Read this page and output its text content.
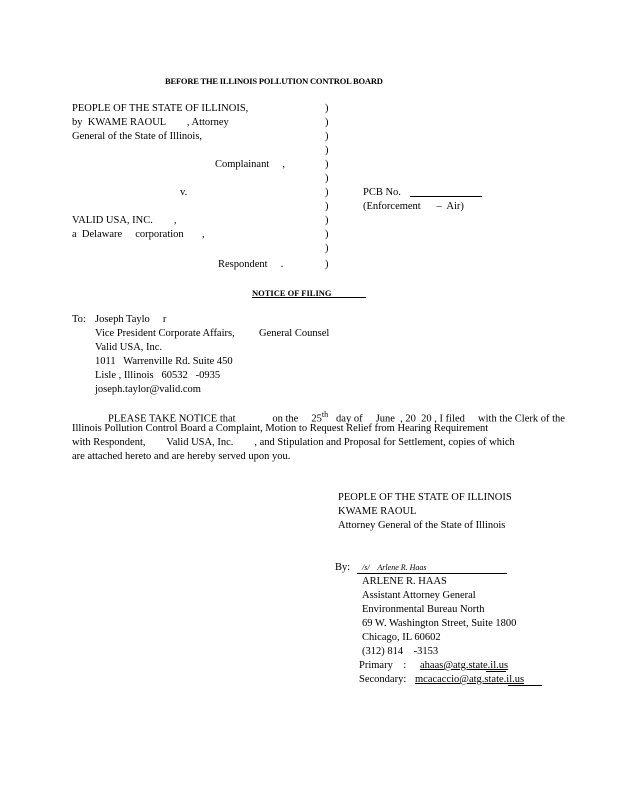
BEFORE THE ILLINOIS POLLUTION CONTROL BOARD
PEOPLE OF THE STATE OF ILLINOIS,
by  KWAME RAOUL        , Attorney
General of the State of Illinois,
Complainant     ,
v.
VALID USA, INC.        ,
a  Delaware     corporation       ,
Respondent     .
)
)
)
)
)
)
)
)
)
)
)
)
PCB No.
(Enforcement      –  Air)
NOTICE OF FILING
To: Joseph Taylo     r
Vice President Corporate Affairs, General Counsel
Valid USA, Inc.
1011   Warrenville Rd. Suite 450
Lisle , Illinois   60532   -0935
joseph.taylor@valid.com
PLEASE TAKE NOTICE that              on the     25th   day of     June  , 20  20 , I filed     with the Clerk of the
Illinois Pollution Control Board a Complaint, Motion to Request Relief from Hearing Requirement
with Respondent,        Valid USA, Inc.        , and Stipulation and Proposal for Settlement, copies of which
are attached hereto and are hereby served upon you.
PEOPLE OF THE STATE OF ILLINOIS
KWAME RAOUL
Attorney General of the State of Illinois
By: /s/    Arlene R. Haas
ARLENE R. HAAS
Assistant Attorney General
Environmental Bureau North
69 W. Washington Street, Suite 1800
Chicago, IL 60602
(312) 814    -3153
Primary    : ahaas@atg.state.il.us
Secondary: mcacaccio@atg.state.il.us
